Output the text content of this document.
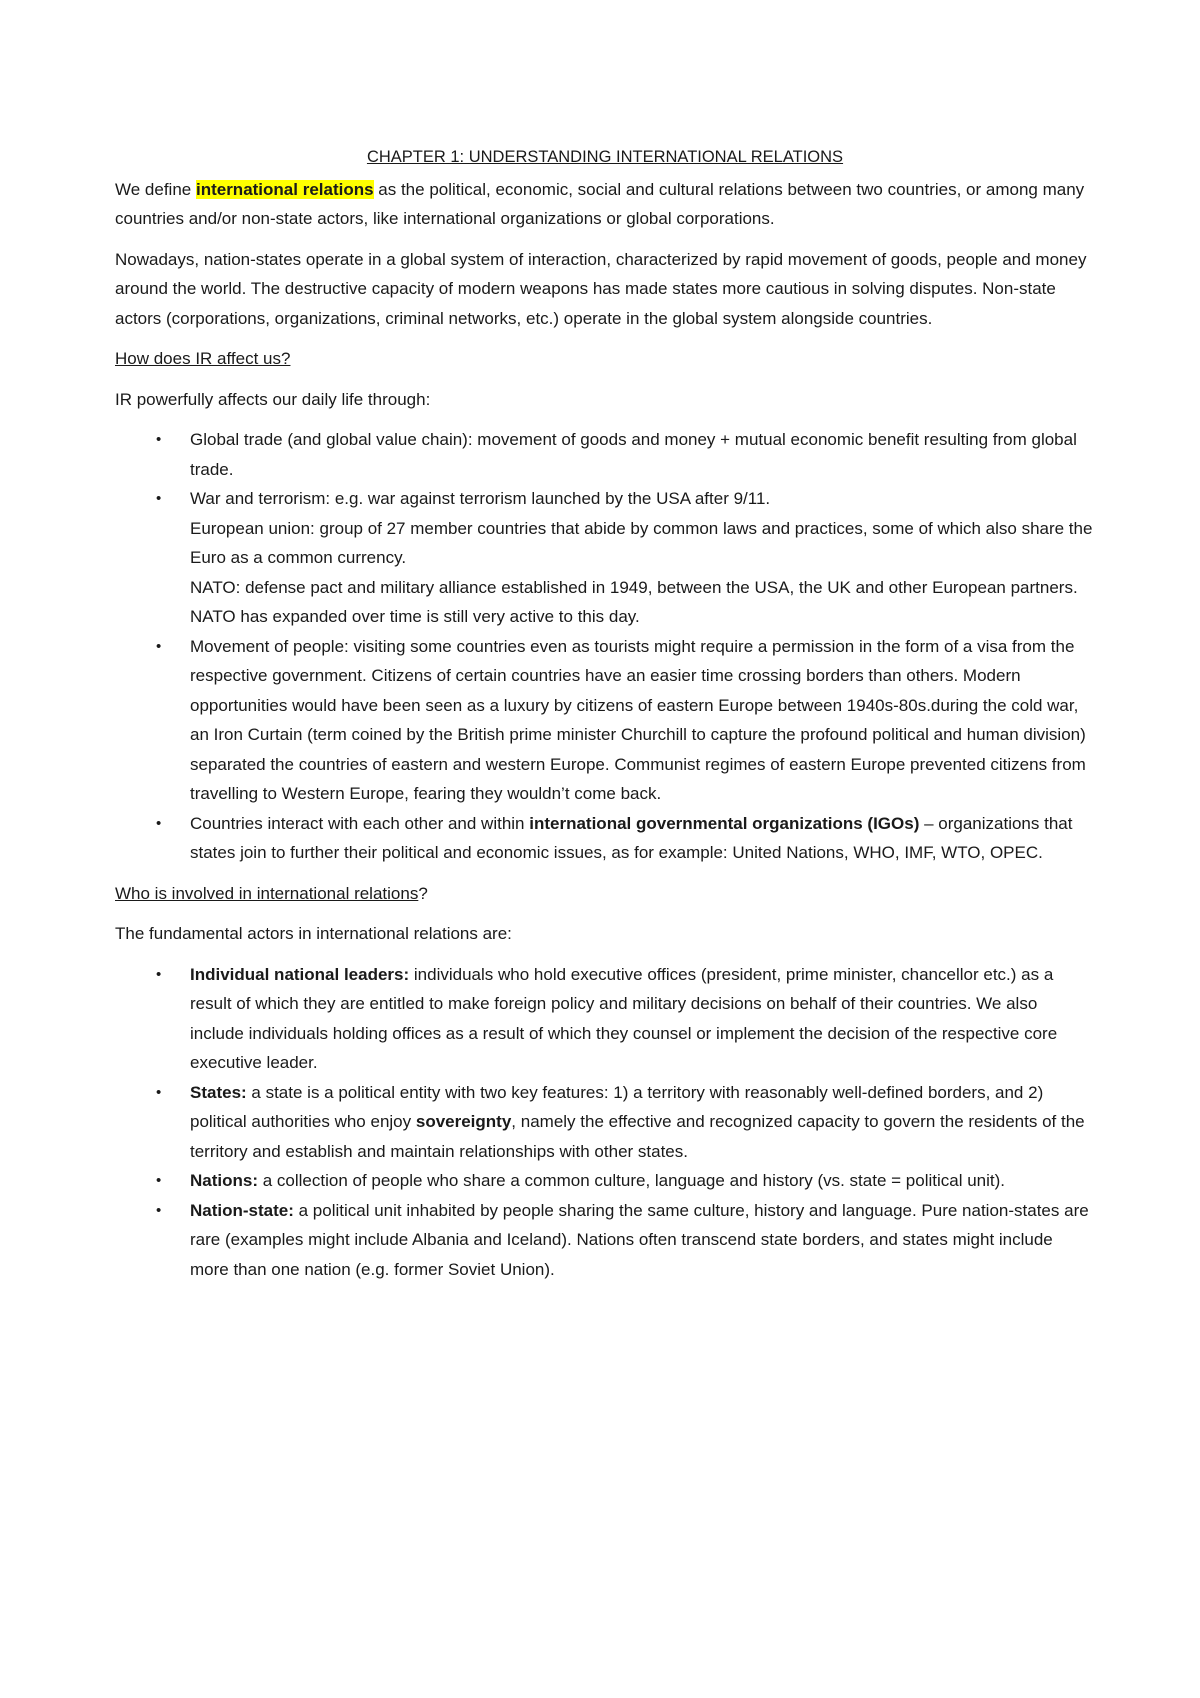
CHAPTER 1: UNDERSTANDING INTERNATIONAL RELATIONS

We define international relations as the political, economic, social and cultural relations between two countries, or among many countries and/or non-state actors, like international organizations or global corporations.

Nowadays, nation-states operate in a global system of interaction, characterized by rapid movement of goods, people and money around the world. The destructive capacity of modern weapons has made states more cautious in solving disputes. Non-state actors (corporations, organizations, criminal networks, etc.) operate in the global system alongside countries.

How does IR affect us?

IR powerfully affects our daily life through:

• Global trade (and global value chain): movement of goods and money + mutual economic benefit resulting from global trade.
• War and terrorism: e.g. war against terrorism launched by the USA after 9/11.
European union: group of 27 member countries that abide by common laws and practices, some of which also share the Euro as a common currency.
NATO: defense pact and military alliance established in 1949, between the USA, the UK and other European partners. NATO has expanded over time is still very active to this day.
• Movement of people: visiting some countries even as tourists might require a permission in the form of a visa from the respective government. Citizens of certain countries have an easier time crossing borders than others. Modern opportunities would have been seen as a luxury by citizens of eastern Europe between 1940s-80s.during the cold war, an Iron Curtain (term coined by the British prime minister Churchill to capture the profound political and human division) separated the countries of eastern and western Europe. Communist regimes of eastern Europe prevented citizens from travelling to Western Europe, fearing they wouldn’t come back.
• Countries interact with each other and within international governmental organizations (IGOs) – organizations that states join to further their political and economic issues, as for example: United Nations, WHO, IMF, WTO, OPEC.

Who is involved in international relations?

The fundamental actors in international relations are:

• Individual national leaders: individuals who hold executive offices (president, prime minister, chancellor etc.) as a result of which they are entitled to make foreign policy and military decisions on behalf of their countries. We also include individuals holding offices as a result of which they counsel or implement the decision of the respective core executive leader.
• States: a state is a political entity with two key features: 1) a territory with reasonably well-defined borders, and 2) political authorities who enjoy sovereignty, namely the effective and recognized capacity to govern the residents of the territory and establish and maintain relationships with other states.
• Nations: a collection of people who share a common culture, language and history (vs. state = political unit).
• Nation-state: a political unit inhabited by people sharing the same culture, history and language. Pure nation-states are rare (examples might include Albania and Iceland). Nations often transcend state borders, and states might include more than one nation (e.g. former Soviet Union).
